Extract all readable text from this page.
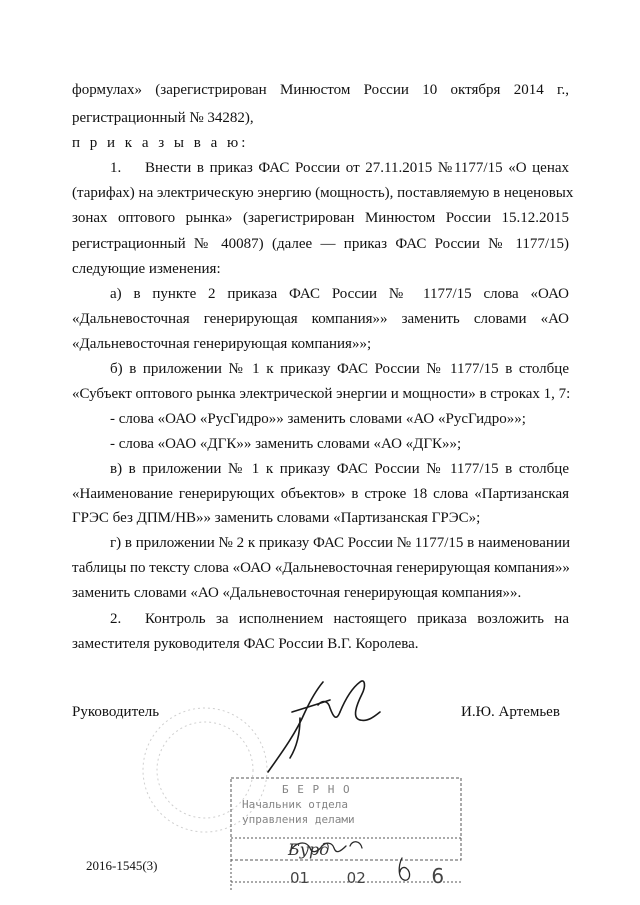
формулах» (зарегистрирован Минюстом России 10 октября 2014 г.,
регистрационный № 34282),
п р и к а з ы в а ю:
1. Внести в приказ ФАС России от 27.11.2015 №1177/15 «О ценах
(тарифах) на электрическую энергию (мощность), поставляемую в неценовых
зонах оптового рынка» (зарегистрирован Минюстом России 15.12.2015
регистрационный № 40087) (далее — приказ ФАС России № 1177/15)
следующие изменения:
а) в пункте 2 приказа ФАС России № 1177/15 слова «ОАО
«Дальневосточная генерирующая компания»» заменить словами «АО
«Дальневосточная генерирующая компания»»;
б) в приложении № 1 к приказу ФАС России № 1177/15 в столбце
«Субъект оптового рынка электрической энергии и мощности» в строках 1, 7:
- слова «ОАО «РусГидро»» заменить словами «АО «РусГидро»»;
- слова «ОАО «ДГК»» заменить словами «АО «ДГК»»;
в) в приложении № 1 к приказу ФАС России № 1177/15 в столбце
«Наименование генерирующих объектов» в строке 18 слова «Партизанская
ГРЭС без ДПМ/НВ»» заменить словами «Партизанская ГРЭС»;
г) в приложении № 2 к приказу ФАС России № 1177/15 в наименовании
таблицы по тексту слова «ОАО «Дальневосточная генерирующая компания»»
заменить словами «АО «Дальневосточная генерирующая компания»».
2. Контроль за исполнением настоящего приказа возложить на
заместителя руководителя ФАС России В.Г. Королева.
Руководитель	И.Ю. Артемьев
Б Е Р Н О
Начальник отдела
управления делами
Бурд
01	02	6
2016-1545(3)
